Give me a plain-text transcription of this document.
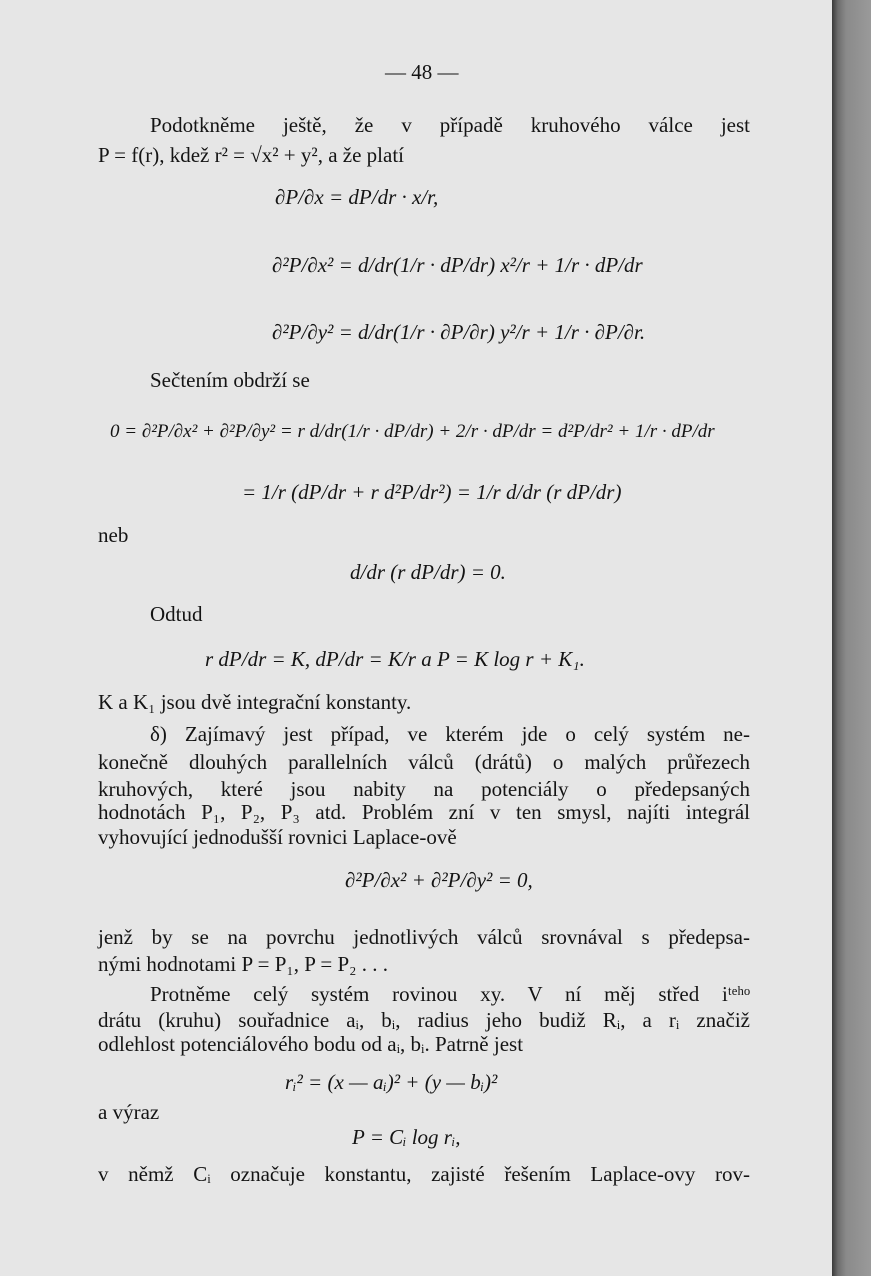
— 48 —
Podotkněme ještě, že v případě kruhového válce jest
P = f(r), kdež r² = √x² + y², a že platí
∂P/∂x = dP/dr · x/r,
∂²P/∂x² = d/dr(1/r · dP/dr) x²/r + 1/r · dP/dr
∂²P/∂y² = d/dr(1/r · ∂P/∂r) y²/r + 1/r · ∂P/∂r.
Sečtením obdrží se
0 = ∂²P/∂x² + ∂²P/∂y² = r d/dr(1/r · dP/dr) + 2/r · dP/dr = d²P/dr² + 1/r · dP/dr
= 1/r (dP/dr + r d²P/dr²) = 1/r d/dr (r dP/dr)
neb
d/dr (r dP/dr) = 0.
Odtud
r dP/dr = K, dP/dr = K/r a P = K log r + K₁.
K a K₁ jsou dvě integrační konstanty.
δ) Zajímavý jest případ, ve kterém jde o celý systém ne-
konečně dlouhých parallelních válců (drátů) o malých průřezech
kruhových, které jsou nabity na potenciály o předepsaných
hodnotách P₁, P₂, P₃ atd. Problém zní v ten smysl, najíti integrál
vyhovující jednodušší rovnici Laplace-ově
∂²P/∂x² + ∂²P/∂y² = 0,
jenž by se na povrchu jednotlivých válců srovnával s předepsa-
nými hodnotami P = P₁, P = P₂ . . .
Protněme celý systém rovinou xy. V ní měj střed iᵗᵉʰᵒ
drátu (kruhu) souřadnice aᵢ, bᵢ, radius jeho budiž Rᵢ, a rᵢ značiž
odlehlost potenciálového bodu od aᵢ, bᵢ. Patrně jest
rᵢ² = (x — aᵢ)² + (y — bᵢ)²
a výraz
P = Cᵢ log rᵢ,
v němž Cᵢ označuje konstantu, zajisté řešením Laplace-ovy rov-
